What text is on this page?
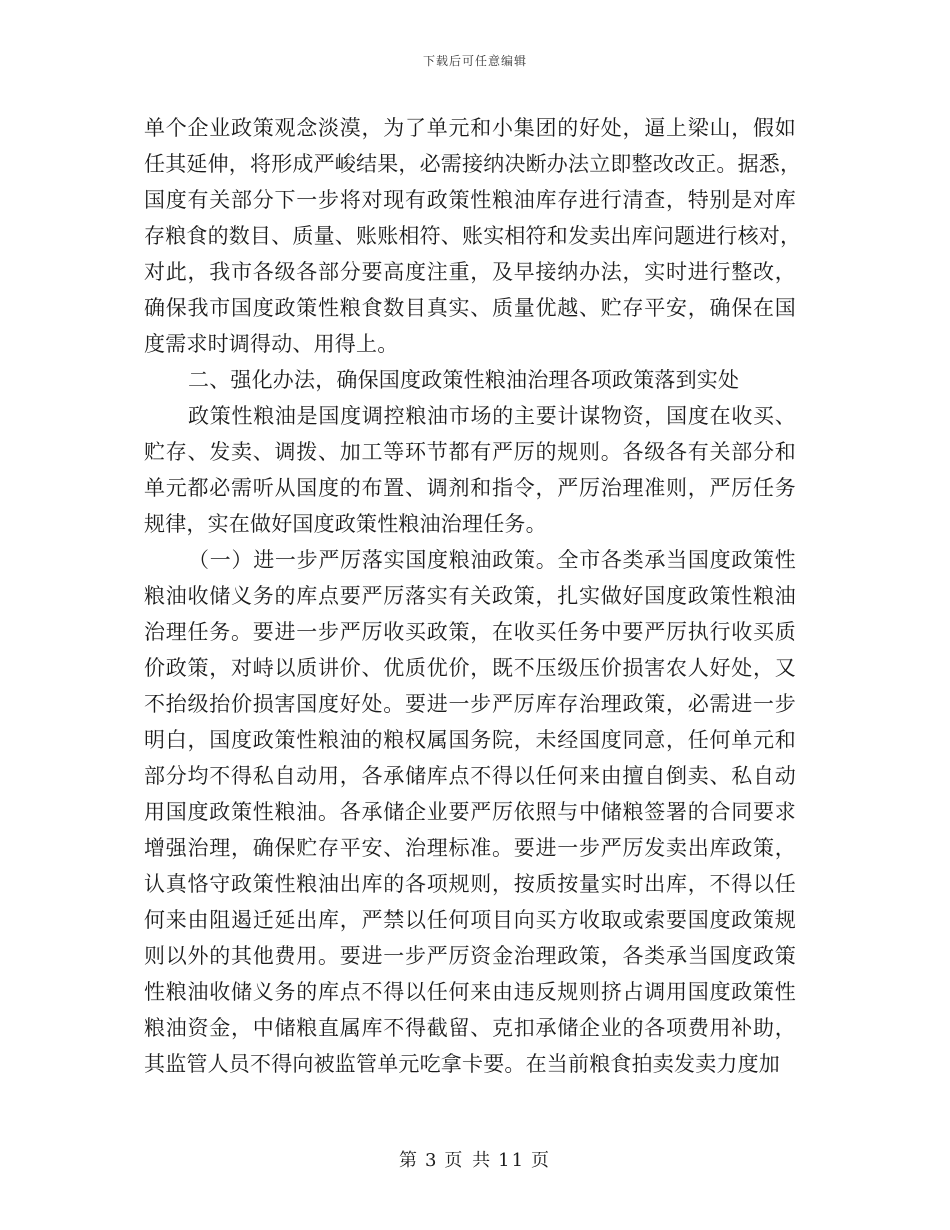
下载后可任意编辑
单个企业政策观念淡漠，为了单元和小集团的好处，逼上梁山，假如
任其延伸，将形成严峻结果，必需接纳决断办法立即整改改正。据悉，
国度有关部分下一步将对现有政策性粮油库存进行清查，特别是对库
存粮食的数目、质量、账账相符、账实相符和发卖出库问题进行核对，
对此，我市各级各部分要高度注重，及早接纳办法，实时进行整改，
确保我市国度政策性粮食数目真实、质量优越、贮存平安，确保在国
度需求时调得动、用得上。
二、强化办法，确保国度政策性粮油治理各项政策落到实处
政策性粮油是国度调控粮油市场的主要计谋物资，国度在收买、
贮存、发卖、调拨、加工等环节都有严厉的规则。各级各有关部分和
单元都必需听从国度的布置、调剂和指令，严厉治理准则，严厉任务
规律，实在做好国度政策性粮油治理任务。
（一）进一步严厉落实国度粮油政策。全市各类承当国度政策性
粮油收储义务的库点要严厉落实有关政策，扎实做好国度政策性粮油
治理任务。要进一步严厉收买政策，在收买任务中要严厉执行收买质
价政策，对峙以质讲价、优质优价，既不压级压价损害农人好处，又
不抬级抬价损害国度好处。要进一步严厉库存治理政策，必需进一步
明白，国度政策性粮油的粮权属国务院，未经国度同意，任何单元和
部分均不得私自动用，各承储库点不得以任何来由擅自倒卖、私自动
用国度政策性粮油。各承储企业要严厉依照与中储粮签署的合同要求
增强治理，确保贮存平安、治理标准。要进一步严厉发卖出库政策，
认真恪守政策性粮油出库的各项规则，按质按量实时出库，不得以任
何来由阻遏迁延出库，严禁以任何项目向买方收取或索要国度政策规
则以外的其他费用。要进一步严厉资金治理政策，各类承当国度政策
性粮油收储义务的库点不得以任何来由违反规则挤占调用国度政策性
粮油资金，中储粮直属库不得截留、克扣承储企业的各项费用补助，
其监管人员不得向被监管单元吃拿卡要。在当前粮食拍卖发卖力度加
第 3 页 共 11 页
